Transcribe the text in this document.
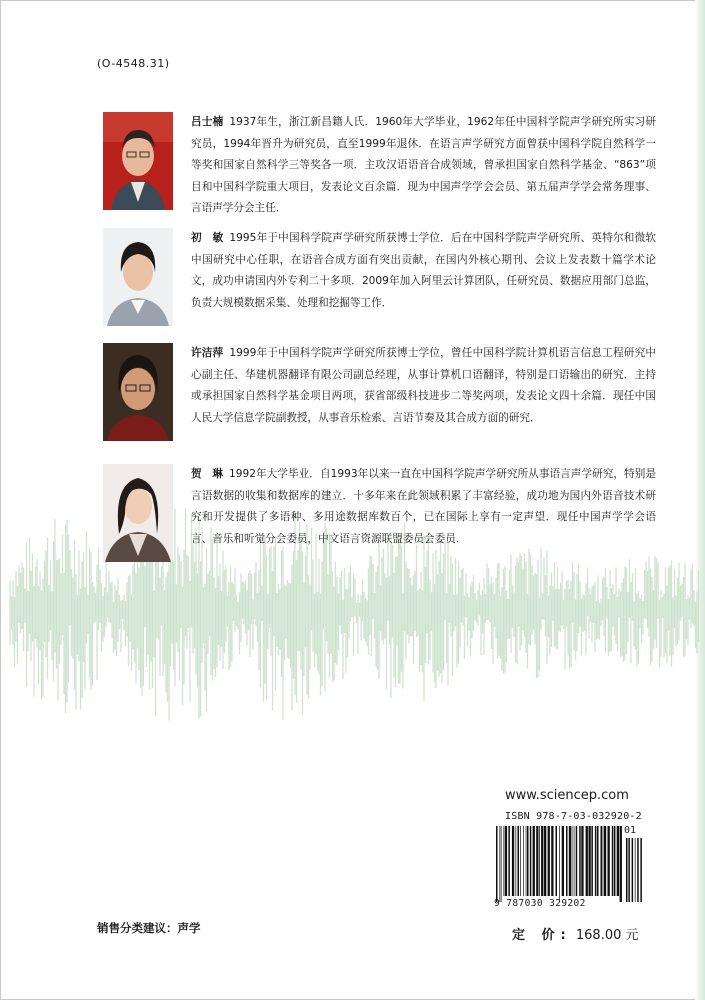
(O-4548.31)
吕士楠 1937年生，浙江新昌籍人氏．1960年大学毕业，1962年任中国科学院声学研究所实习研究员，1994年晋升为研究员，直至1999年退休．在语言声学研究方面曾获中国科学院自然科学一等奖和国家自然科学三等奖各一项．主攻汉语语音合成领域，曾承担国家自然科学基金、“863”项目和中国科学院重大项目，发表论文百余篇．现为中国声学学会会员、第五届声学学会常务理事、言语声学分会主任．
初　敏 1995年于中国科学院声学研究所获博士学位．后在中国科学院声学研究所、英特尔和微软中国研究中心任职，在语音合成方面有突出贡献，在国内外核心期刊、会议上发表数十篇学术论文，成功申请国内外专利二十多项．2009年加入阿里云计算团队，任研究员、数据应用部门总监，负责大规模数据采集、处理和挖掘等工作．
许洁萍 1999年于中国科学院声学研究所获博士学位，曾任中国科学院计算机语言信息工程研究中心副主任、华建机器翻译有限公司副总经理，从事计算机口语翻译，特别是口语输出的研究．主持或承担国家自然科学基金项目两项，获省部级科技进步二等奖两项，发表论文四十余篇．现任中国人民大学信息学院副教授，从事音乐检索、言语节奏及其合成方面的研究．
贺　琳 1992年大学毕业．自1993年以来一直在中国科学院声学研究所从事语言声学研究，特别是言语数据的收集和数据库的建立．十多年来在此领域积累了丰富经验，成功地为国内外语音技术研究和开发提供了多语种、多用途数据库数百个，已在国际上享有一定声望．现任中国声学学会语言、音乐和听觉分会委员，中文语言资源联盟委员会委员．
www.sciencep.com
ISBN 978-7-03-032920-2
01
9 787030 329202
销售分类建议：声学	定 价: 168.00 元
